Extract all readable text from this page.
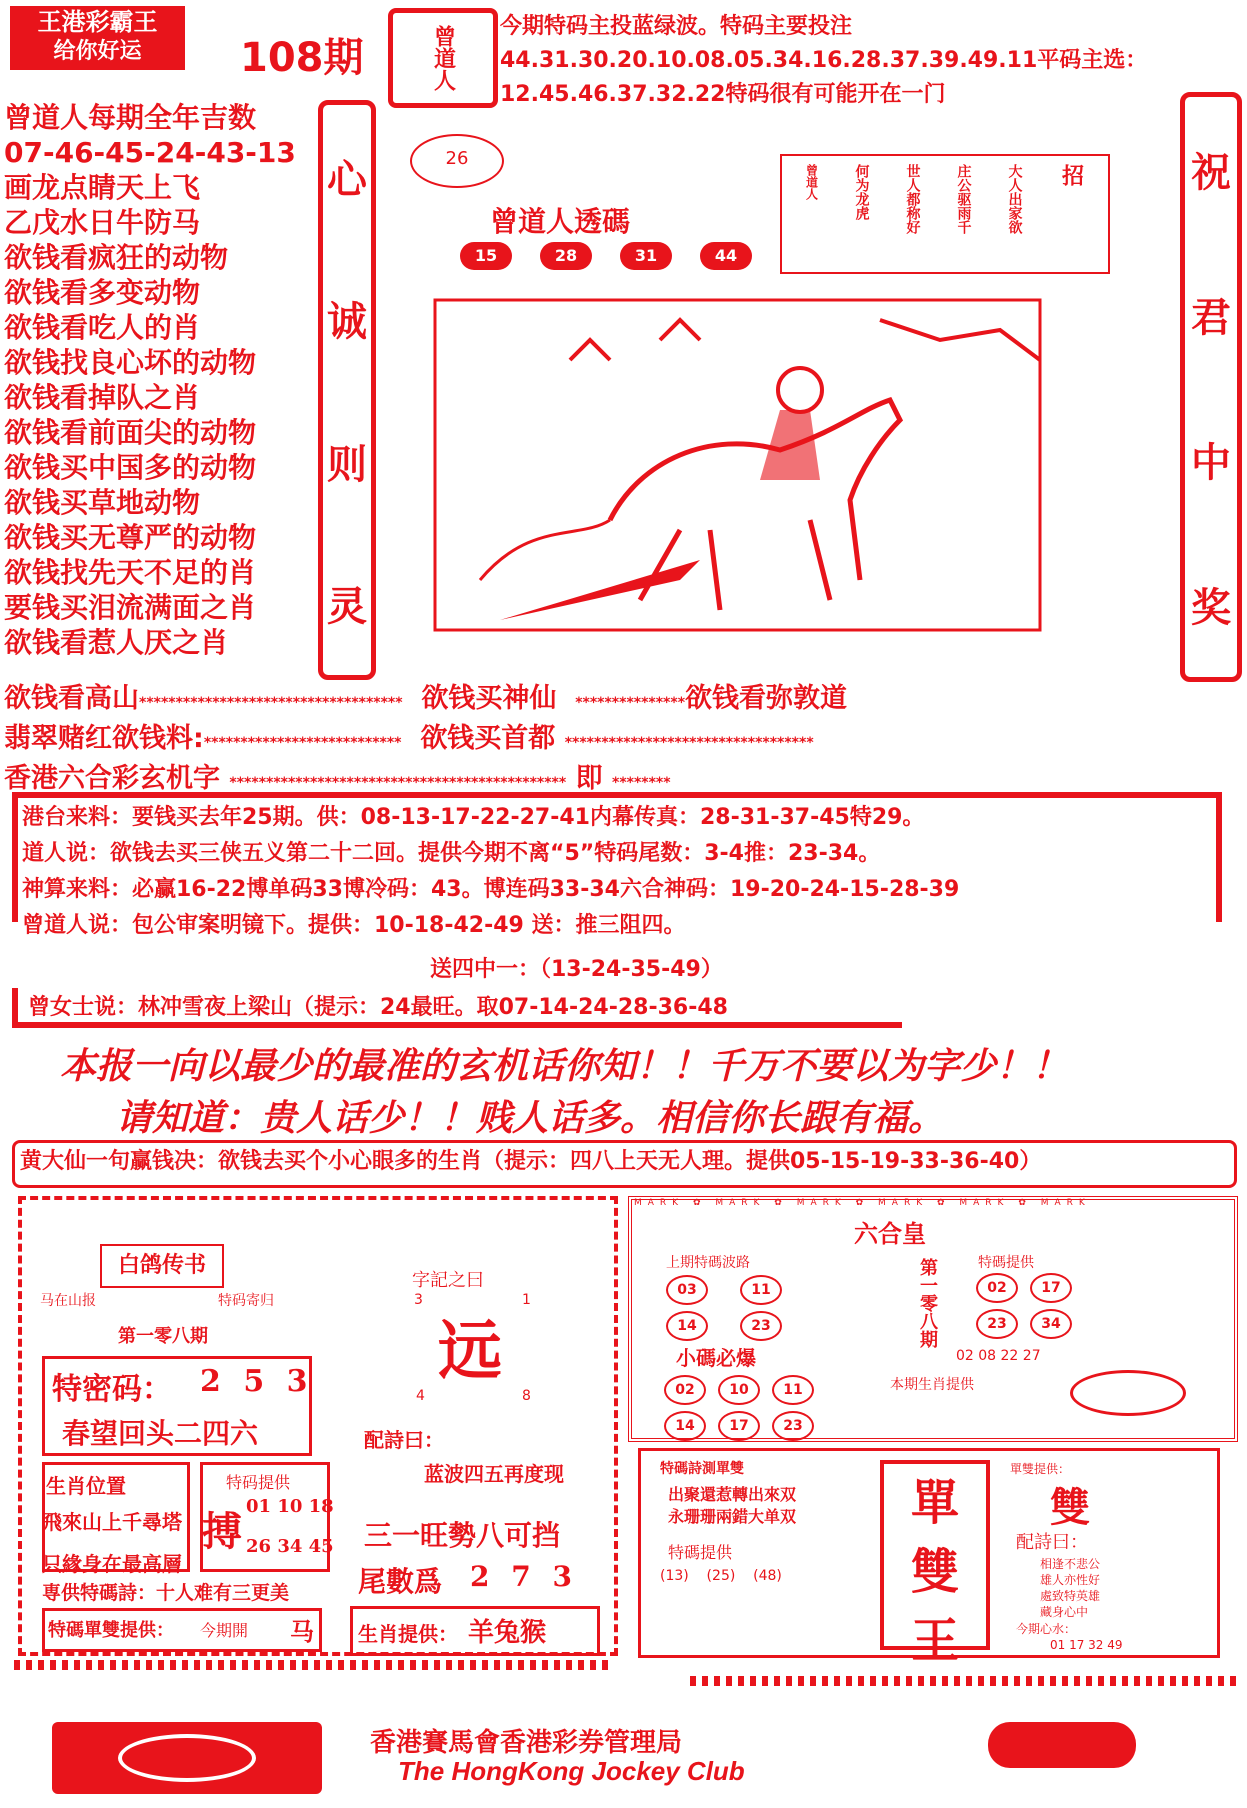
王港彩霸王
给你好运	108期	曾道人 今期特码主投蓝绿波。特码主要投注44.31.30.20.10.08.05.34.16.28.37.39.49.11平码主选：12.45.46.37.32.22特码很有可能开在一门
曾道人每期全年吉数
07-46-45-24-43-13
画龙点睛天上飞
乙戊水日牛防马
欲钱看疯狂的动物
欲钱看多变动物
欲钱看吃人的肖
欲钱找良心坏的动物
欲钱看掉队之肖
欲钱看前面尖的动物
欲钱买中国多的动物
欲钱买草地动物
欲钱买无尊严的动物
欲钱找先天不足的肖
要钱买泪流满面之肖
欲钱看惹人厌之肖
心
诚
则
灵
祝
君
中
奖
26
曾道人透碼
15	28	31	44
招
大人出家欲
庄公驱雨千
世人都称好
何为龙虎
曾道人
欲钱看高山************************************ 欲钱买神仙 ***************欲钱看弥敦道
翡翠赌红欲钱料:*************************** 欲钱买首都 **********************************
香港六合彩玄机字 ********************************************** 即 ********
港台来料：要钱买去年25期。供：08-13-17-22-27-41内幕传真：28-31-37-45特29。
道人说：欲钱去买三侠五义第二十二回。提供今期不离“5”特码尾数：3-4推：23-34。
神算来料：必赢16-22博单码33博冷码：43。博连码33-34六合神码：19-20-24-15-28-39
曾道人说：包公审案明镜下。提供：10-18-42-49 送：推三阻四。
送四中一：（13-24-35-49）
曾女士说：林冲雪夜上梁山（提示：24最旺。取07-14-24-28-36-48
本报一向以最少的最准的玄机话你知！！千万不要以为字少！！
请知道：贵人话少！！贱人话多。相信你长跟有福。
黄大仙一句赢钱决：欲钱去买个小心眼多的生肖（提示：四八上天无人理。提供05-15-19-33-36-40）
白鸽传书
马在山报	特码寄归
第一零八期
特密码： 2 5 3
春望回头二四六
生肖位置
飛來山上千尋塔
只緣身在最高層
特码提供
搏
01 10 18
26 34 45
専供特碼詩：十人难有三更美
特碼單雙提供： 今期開 马
字記之曰
3	1
远
4	8
配詩曰：
蓝波四五再度现
三一旺勢八可挡
尾數爲 2 7 3
生肖提供： 羊兔猴
MARK ✿ MARK ✿ MARK ✿ MARK ✿ MARK ✿ MARK
六合皇
上期特碼波路
03	11
14	23	第一零八期	特碼提供
02 17
23 34
小碼必爆	02 08 22 27
02 10 11
14 17 23
本期生肖提供
特碼詩測單雙
出聚還惹轉出來双
永珊珊兩錯大单双
特碼提供
(13)    (25)    (48)
單
雙
王
單雙提供：
雙
配詩曰：
相逢不悲公
雄人亦性好
處致特英雄
藏身心中
今期心水：
01 17 32 49
香港賽馬會香港彩券管理局
The HongKong Jockey Club
